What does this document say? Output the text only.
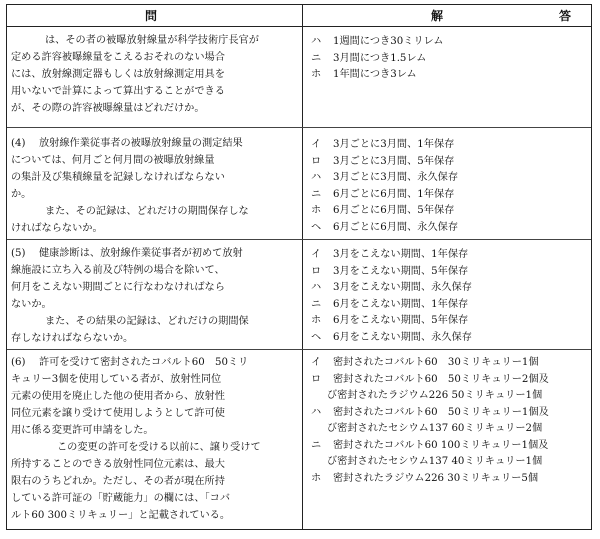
問	解	答
は、その者の被曝放射線量が科学技術庁長官が
定める許容被曝線量をこえるおそれのない場合
には、放射線測定器もしくは放射線測定用具を
用いないで計算によって算出することができる
が、その際の許容被曝線量はどれだけか。
ハ 1週間につき30ミリレム
ニ 3月間につき1.5レム
ホ 1年間につき3レム
(4) 放射線作業従事者の被曝放射線量の測定結果
については、何月ごと何月間の被曝放射線量
の集計及び集積線量を記録しなければならない
か。
また、その記録は、どれだけの期間保存しな
ければならないか。
イ 3月ごとに3月間、1年保存
ロ 3月ごとに3月間、5年保存
ハ 3月ごとに3月間、永久保存
ニ 6月ごとに6月間、1年保存
ホ 6月ごとに6月間、5年保存
ヘ 6月ごとに6月間、永久保存
(5) 健康診断は、放射線作業従事者が初めて放射
線施設に立ち入る前及び特例の場合を除いて、
何月をこえない期間ごとに行なわなければなら
ないか。
また、その結果の記録は、どれだけの期間保
存しなければならないか。
イ 3月をこえない期間、1年保存
ロ 3月をこえない期間、5年保存
ハ 3月をこえない期間、永久保存
ニ 6月をこえない期間、1年保存
ホ 6月をこえない期間、5年保存
ヘ 6月をこえない期間、永久保存
(6) 許可を受けて密封されたコバルト60　50ミリ
キュリー3個を使用している者が、放射性同位
元素の使用を廃止した他の使用者から、放射性
同位元素を譲り受けて使用しようとして許可使
用に係る変更許可申請をした。
この変更の許可を受ける以前に、譲り受けて
所持することのできる放射性同位元素は、最大
限右のうちどれか。ただし、その者が現在所持
している許可証の「貯蔵能力」の欄には、「コバ
ルト60 300ミリキュリー」と記載されている。
イ 密封されたコバルト60　30ミリキュリー1個
ロ 密封されたコバルト60　50ミリキュリー2個及
び密封されたラジウム226 50ミリキュリー1個
ハ 密封されたコバルト60　50ミリキュリー1個及
び密封されたセシウム137 60ミリキュリー2個
ニ 密封されたコバルト60 100ミリキュリー1個及
び密封されたセシウム137 40ミリキュリー1個
ホ 密封されたラジウム226 30ミリキュリー5個
